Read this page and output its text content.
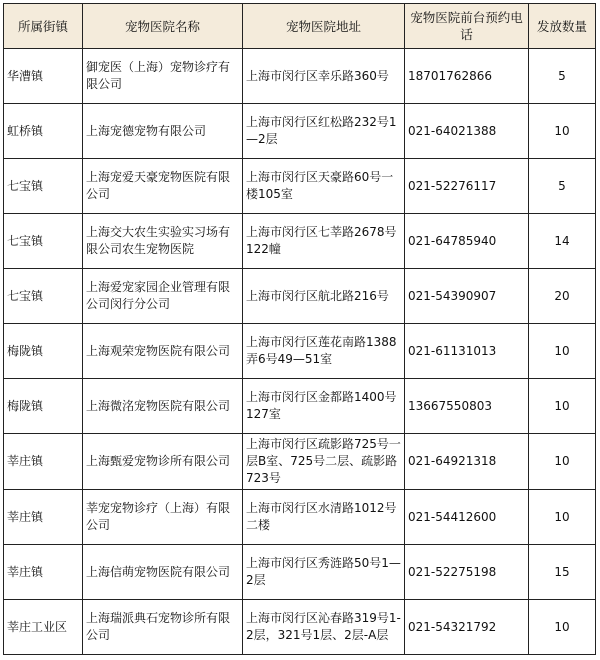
所属街镇	宠物医院名称	宠物医院地址	宠物医院前台预约电话	发放数量
华漕镇	御宠医（上海）宠物诊疗有限公司	上海市闵行区幸乐路360号	18701762866	5
虹桥镇	上海宠德宠物有限公司	上海市闵行区红松路232号1—2层	021-64021388	10
七宝镇	上海宠爱天豪宠物医院有限公司	上海市闵行区天豪路60号一楼105室	021-52276117	5
七宝镇	上海交大农生实验实习场有限公司农生宠物医院	上海市闵行区七莘路2678号122幢	021-64785940	14
七宝镇	上海爱宠家园企业管理有限公司闵行分公司	上海市闵行区航北路216号	021-54390907	20
梅陇镇	上海观荣宠物医院有限公司	上海市闵行区莲花南路1388弄6号49—51室	021-61131013	10
梅陇镇	上海微洺宠物医院有限公司	上海市闵行区金都路1400号127室	13667550803	10
莘庄镇	上海甄爱宠物诊所有限公司	上海市闵行区疏影路725号一层B室、725号二层、疏影路723号	021-64921318	10
莘庄镇	莘宠宠物诊疗（上海）有限公司	上海市闵行区水清路1012号二楼	021-54412600	10
莘庄镇	上海信萌宠物医院有限公司	上海市闵行区秀涟路50号1—2层	021-52275198	15
莘庄工业区	上海瑞派典石宠物诊所有限公司	上海市闵行区沁春路319号1-2层，321号1层、2层-A层	021-54321792	10
